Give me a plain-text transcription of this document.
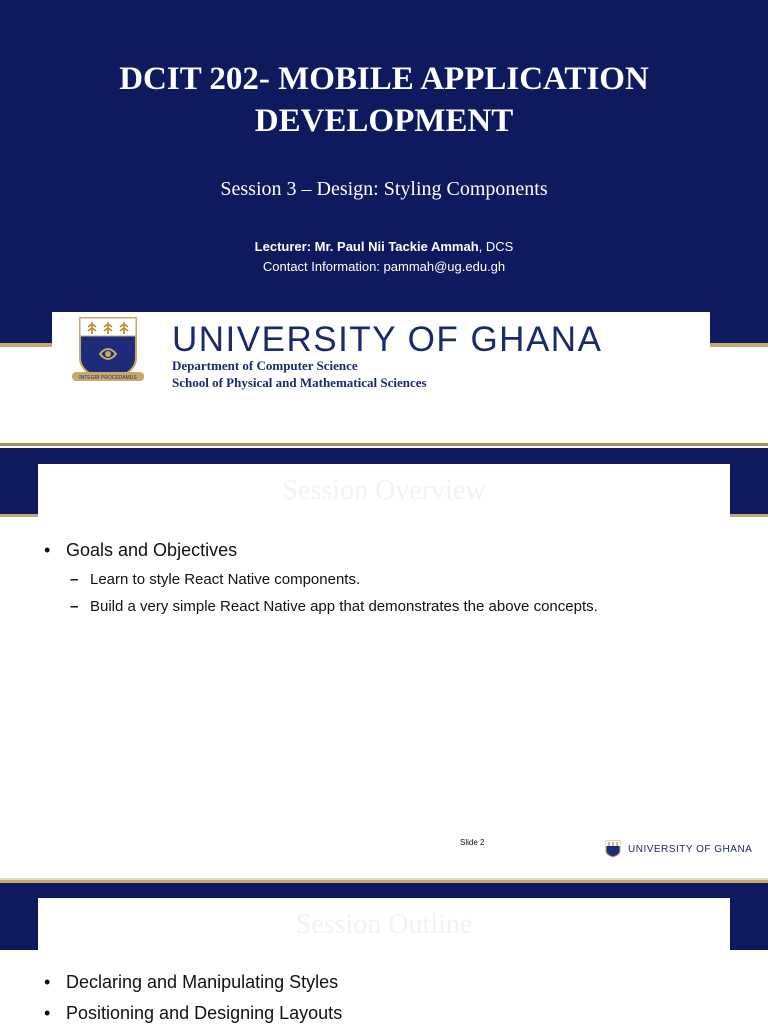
DCIT 202- MOBILE APPLICATION
DEVELOPMENT
Session 3 – Design: Styling Components
Lecturer: Mr. Paul Nii Tackie Ammah, DCS
Contact Information: pammah@ug.edu.gh
INTEGRI PROCEDAMUS
UNIVERSITY OF GHANA
Department of Computer Science
School of Physical and Mathematical Sciences
Session Overview
• Goals and Objectives
– Learn to style React Native components.
– Build a very simple React Native app that demonstrates the above concepts.
Slide 2
UNIVERSITY OF GHANA
Session Outline
• Declaring and Manipulating Styles
• Positioning and Designing Layouts
